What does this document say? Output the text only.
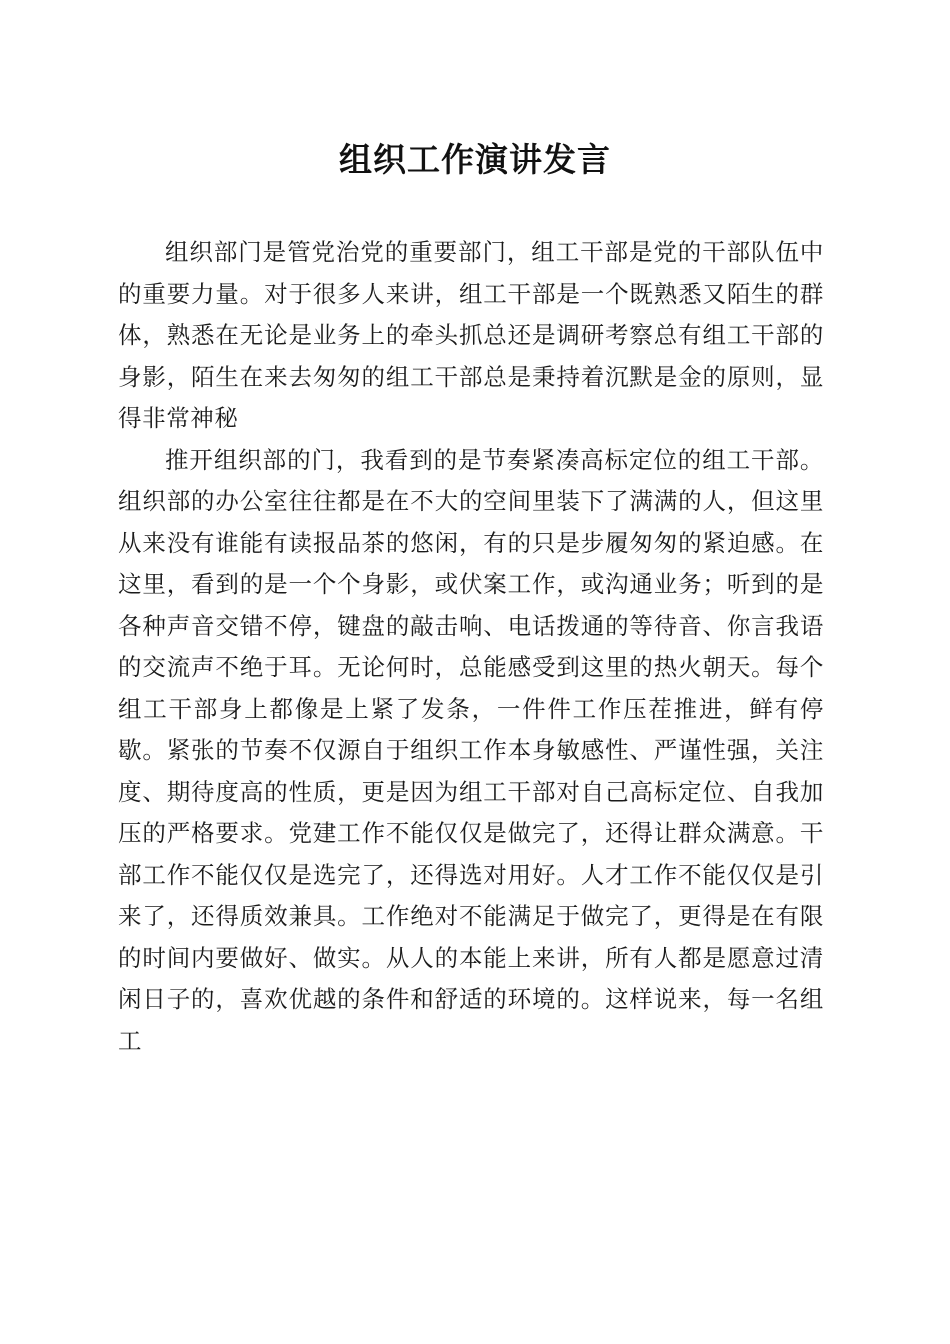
组织工作演讲发言

组织部门是管党治党的重要部门，组工干部是党的干部队伍中的重要力量。对于很多人来讲，组工干部是一个既熟悉又陌生的群体，熟悉在无论是业务上的牵头抓总还是调研考察总有组工干部的身影，陌生在来去匆匆的组工干部总是秉持着沉默是金的原则，显得非常神秘

推开组织部的门，我看到的是节奏紧凑高标定位的组工干部。组织部的办公室往往都是在不大的空间里装下了满满的人，但这里从来没有谁能有读报品茶的悠闲，有的只是步履匆匆的紧迫感。在这里，看到的是一个个身影，或伏案工作，或沟通业务；听到的是各种声音交错不停，键盘的敲击响、电话拨通的等待音、你言我语的交流声不绝于耳。无论何时，总能感受到这里的热火朝天。每个组工干部身上都像是上紧了发条，一件件工作压茬推进，鲜有停歇。紧张的节奏不仅源自于组织工作本身敏感性、严谨性强，关注度、期待度高的性质，更是因为组工干部对自己高标定位、自我加压的严格要求。党建工作不能仅仅是做完了，还得让群众满意。干部工作不能仅仅是选完了，还得选对用好。人才工作不能仅仅是引来了，还得质效兼具。工作绝对不能满足于做完了，更得是在有限的时间内要做好、做实。从人的本能上来讲，所有人都是愿意过清闲日子的，喜欢优越的条件和舒适的环境的。这样说来，每一名组工
